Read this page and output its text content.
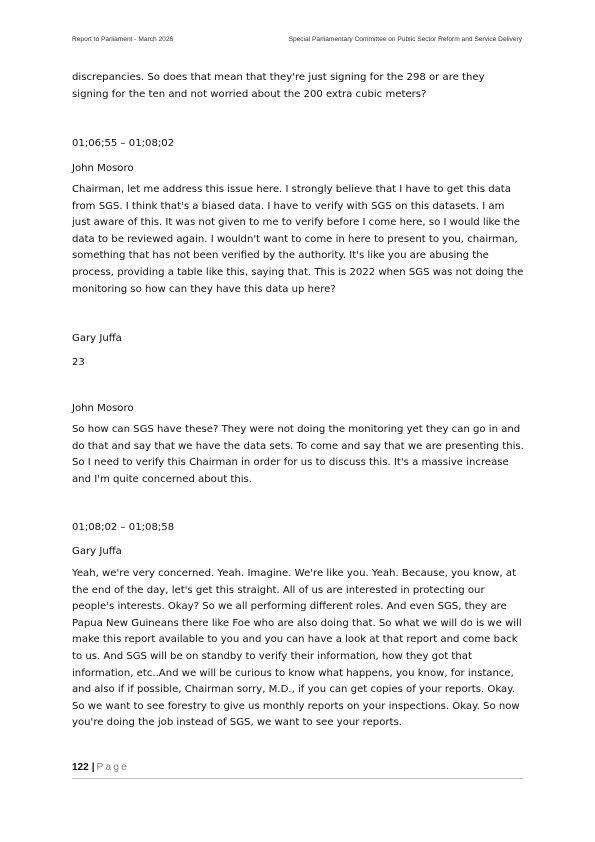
Report to Parliament - March 2026	Special Parliamentary Committee on Public Sector Reform and Service Delivery
discrepancies. So does that mean that they're just signing for the 298 or are they signing for the ten and not worried about the 200 extra cubic meters?
01;06;55 – 01;08;02
John Mosoro
Chairman, let me address this issue here. I strongly believe that I have to get this data from SGS. I think that's a biased data. I have to verify with SGS on this datasets. I am just aware of this. It was not given to me to verify before I come here, so I would like the data to be reviewed again. I wouldn't want to come in here to present to you, chairman, something that has not been verified by the authority. It's like you are abusing the process, providing a table like this, saying that. This is 2022 when SGS was not doing the monitoring so how can they have this data up here?
Gary Juffa
23
John Mosoro
So how can SGS have these? They were not doing the monitoring yet they can go in and do that and say that we have the data sets. To come and say that we are presenting this. So I need to verify this Chairman in order for us to discuss this. It's a massive increase and I'm quite concerned about this.
01;08;02 – 01;08;58
Gary Juffa
Yeah, we're very concerned. Yeah. Imagine. We're like you. Yeah. Because, you know, at the end of the day, let's get this straight. All of us are interested in protecting our people's interests. Okay? So we all performing different roles. And even SGS, they are Papua New Guineans there like Foe who are also doing that. So what we will do is we will make this report available to you and you can have a look at that report and come back to us. And SGS will be on standby to verify their information, how they got that information, etc..And we will be curious to know what happens, you know, for instance, and also if if possible, Chairman sorry, M.D., if you can get copies of your reports. Okay. So we want to see forestry to give us monthly reports on your inspections. Okay. So now you're doing the job instead of SGS, we want to see your reports.
122 | Page
